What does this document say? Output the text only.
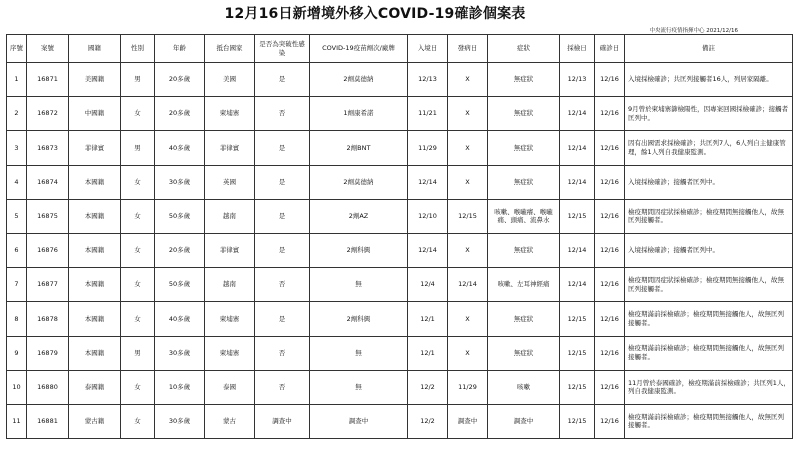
12月16日新增境外移入COVID-19確診個案表
中央流行疫情指揮中心 2021/12/16
序號	案號	國籍	性別	年齡	抵台國家	是否為突破性感染	COVID-19疫苗劑次/廠牌	入境日	發病日	症狀	採檢日	確診日	備註
1	16871	美國籍	男	20多歲	美國	是	2劑莫德納	12/13	X	無症狀	12/13	12/16	入境採檢確診；共匡列接觸者16人，列居家隔離。
2	16872	中國籍	女	20多歲	柬埔寨	否	1劑康希諾	11/21	X	無症狀	12/14	12/16	9月曾於柬埔寨篩檢陽性，因專案回國採檢確診；接觸者匡列中。
3	16873	菲律賓	男	40多歲	菲律賓	是	2劑BNT	11/29	X	無症狀	12/14	12/16	因有出國需求採檢確診；共匡列7人，6人列自主健康管理，餘1人列自我健康監測。
4	16874	本國籍	女	30多歲	英國	是	2劑莫德納	12/14	X	無症狀	12/14	12/16	入境採檢確診；接觸者匡列中。
5	16875	本國籍	女	50多歲	越南	是	2劑AZ	12/10	12/15	咳嗽、喉嚨癢、喉嚨痛、頭痛、流鼻水	12/15	12/16	檢疫期間因症狀採檢確診；檢疫期間無接觸他人，故無匡列接觸者。
6	16876	本國籍	女	20多歲	菲律賓	是	2劑科興	12/14	X	無症狀	12/14	12/16	入境採檢確診；接觸者匡列中。
7	16877	本國籍	女	50多歲	越南	否	無	12/4	12/14	咳嗽、左耳神經痛	12/14	12/16	檢疫期間因症狀採檢確診；檢疫期間無接觸他人，故無匡列接觸者。
8	16878	本國籍	女	40多歲	柬埔寨	是	2劑科興	12/1	X	無症狀	12/15	12/16	檢疫期滿前採檢確診；檢疫期間無接觸他人，故無匡列接觸者。
9	16879	本國籍	男	30多歲	柬埔寨	否	無	12/1	X	無症狀	12/15	12/16	檢疫期滿前採檢確診；檢疫期間無接觸他人，故無匡列接觸者。
10	16880	泰國籍	女	10多歲	泰國	否	無	12/2	11/29	咳嗽	12/15	12/16	11月曾於泰國確診，檢疫期滿前採檢確診；共匡列1人，列自我健康監測。
11	16881	蒙古籍	女	30多歲	蒙古	調查中	調查中	12/2	調查中	調查中	12/15	12/16	檢疫期滿前採檢確診；檢疫期間無接觸他人，故無匡列接觸者。
